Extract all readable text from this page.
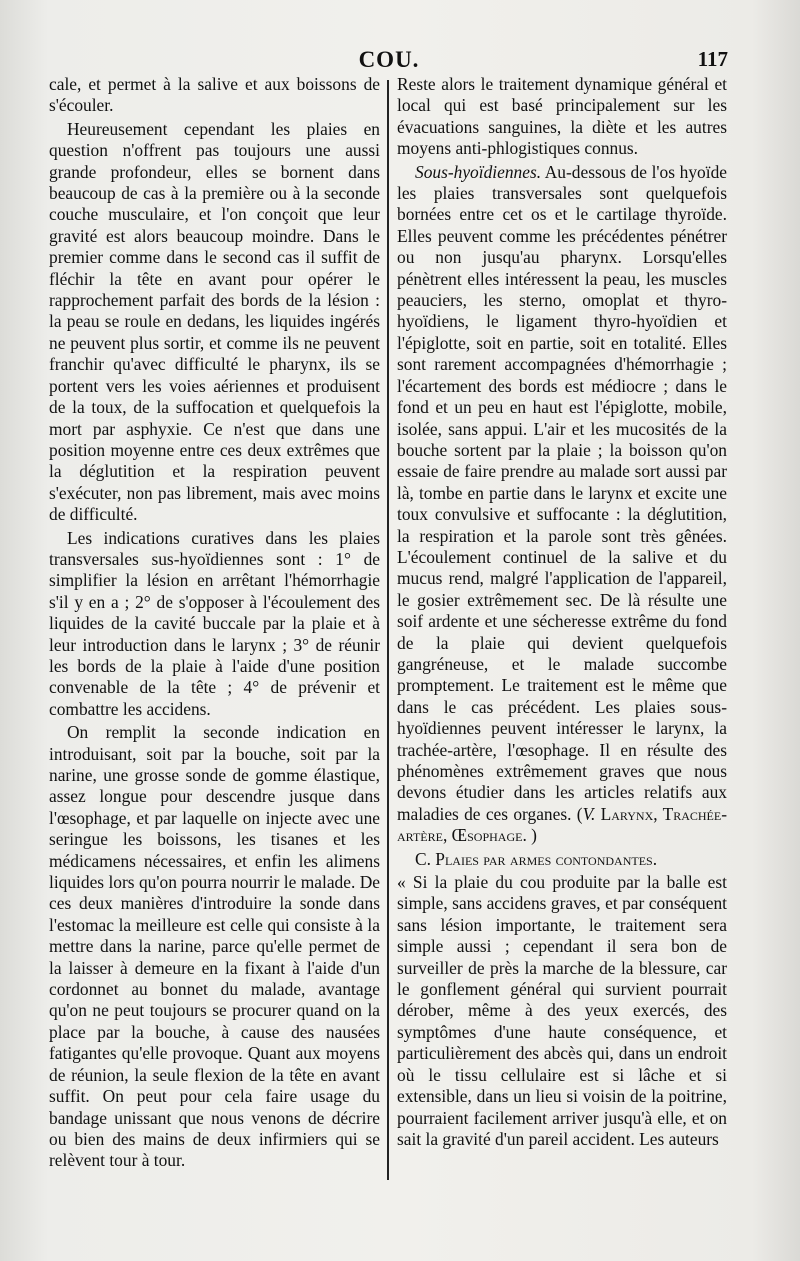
COU.	117

cale, et permet à la salive et aux boissons de s'écouler.

Heureusement cependant les plaies en question n'offrent pas toujours une aussi grande profondeur, elles se bornent dans beaucoup de cas à la première ou à la seconde couche musculaire, et l'on conçoit que leur gravité est alors beaucoup moindre. Dans le premier comme dans le second cas il suffit de fléchir la tête en avant pour opérer le rapprochement parfait des bords de la lésion : la peau se roule en dedans, les liquides ingérés ne peuvent plus sortir, et comme ils ne peuvent franchir qu'avec difficulté le pharynx, ils se portent vers les voies aériennes et produisent de la toux, de la suffocation et quelquefois la mort par asphyxie. Ce n'est que dans une position moyenne entre ces deux extrêmes que la déglutition et la respiration peuvent s'exécuter, non pas librement, mais avec moins de difficulté.

Les indications curatives dans les plaies transversales sus-hyoïdiennes sont : 1° de simplifier la lésion en arrêtant l'hémorrhagie s'il y en a ; 2° de s'opposer à l'écoulement des liquides de la cavité buccale par la plaie et à leur introduction dans le larynx ; 3° de réunir les bords de la plaie à l'aide d'une position convenable de la tête ; 4° de prévenir et combattre les accidens.

On remplit la seconde indication en introduisant, soit par la bouche, soit par la narine, une grosse sonde de gomme élastique, assez longue pour descendre jusque dans l'œsophage, et par laquelle on injecte avec une seringue les boissons, les tisanes et les médicamens nécessaires, et enfin les alimens liquides lors qu'on pourra nourrir le malade. De ces deux manières d'introduire la sonde dans l'estomac la meilleure est celle qui consiste à la mettre dans la narine, parce qu'elle permet de la laisser à demeure en la fixant à l'aide d'un cordonnet au bonnet du malade, avantage qu'on ne peut toujours se procurer quand on la place par la bouche, à cause des nausées fatigantes qu'elle provoque. Quant aux moyens de réunion, la seule flexion de la tête en avant suffit. On peut pour cela faire usage du bandage unissant que nous venons de décrire ou bien des mains de deux infirmiers qui se relèvent tour à tour.

Reste alors le traitement dynamique général et local qui est basé principalement sur les évacuations sanguines, la diète et les autres moyens anti-phlogistiques connus.

Sous-hyoïdiennes. Au-dessous de l'os hyoïde les plaies transversales sont quelquefois bornées entre cet os et le cartilage thyroïde. Elles peuvent comme les précédentes pénétrer ou non jusqu'au pharynx. Lorsqu'elles pénètrent elles intéressent la peau, les muscles peauciers, les sterno, omoplat et thyro-hyoïdiens, le ligament thyro-hyoïdien et l'épiglotte, soit en partie, soit en totalité. Elles sont rarement accompagnées d'hémorrhagie ; l'écartement des bords est médiocre ; dans le fond et un peu en haut est l'épiglotte, mobile, isolée, sans appui. L'air et les mucosités de la bouche sortent par la plaie ; la boisson qu'on essaie de faire prendre au malade sort aussi par là, tombe en partie dans le larynx et excite une toux convulsive et suffocante : la déglutition, la respiration et la parole sont très gênées. L'écoulement continuel de la salive et du mucus rend, malgré l'application de l'appareil, le gosier extrêmement sec. De là résulte une soif ardente et une sécheresse extrême du fond de la plaie qui devient quelquefois gangréneuse, et le malade succombe promptement. Le traitement est le même que dans le cas précédent. Les plaies sous-hyoïdiennes peuvent intéresser le larynx, la trachée-artère, l'œsophage. Il en résulte des phénomènes extrêmement graves que nous devons étudier dans les articles relatifs aux maladies de ces organes. (V. Larynx, Trachée-artère, Œsophage. )

C. Plaies par armes contondantes.

« Si la plaie du cou produite par la balle est simple, sans accidens graves, et par conséquent sans lésion importante, le traitement sera simple aussi ; cependant il sera bon de surveiller de près la marche de la blessure, car le gonflement général qui survient pourrait dérober, même à des yeux exercés, des symptômes d'une haute conséquence, et particulièrement des abcès qui, dans un endroit où le tissu cellulaire est si lâche et si extensible, dans un lieu si voisin de la poitrine, pourraient facilement arriver jusqu'à elle, et on sait la gravité d'un pareil accident. Les auteurs
